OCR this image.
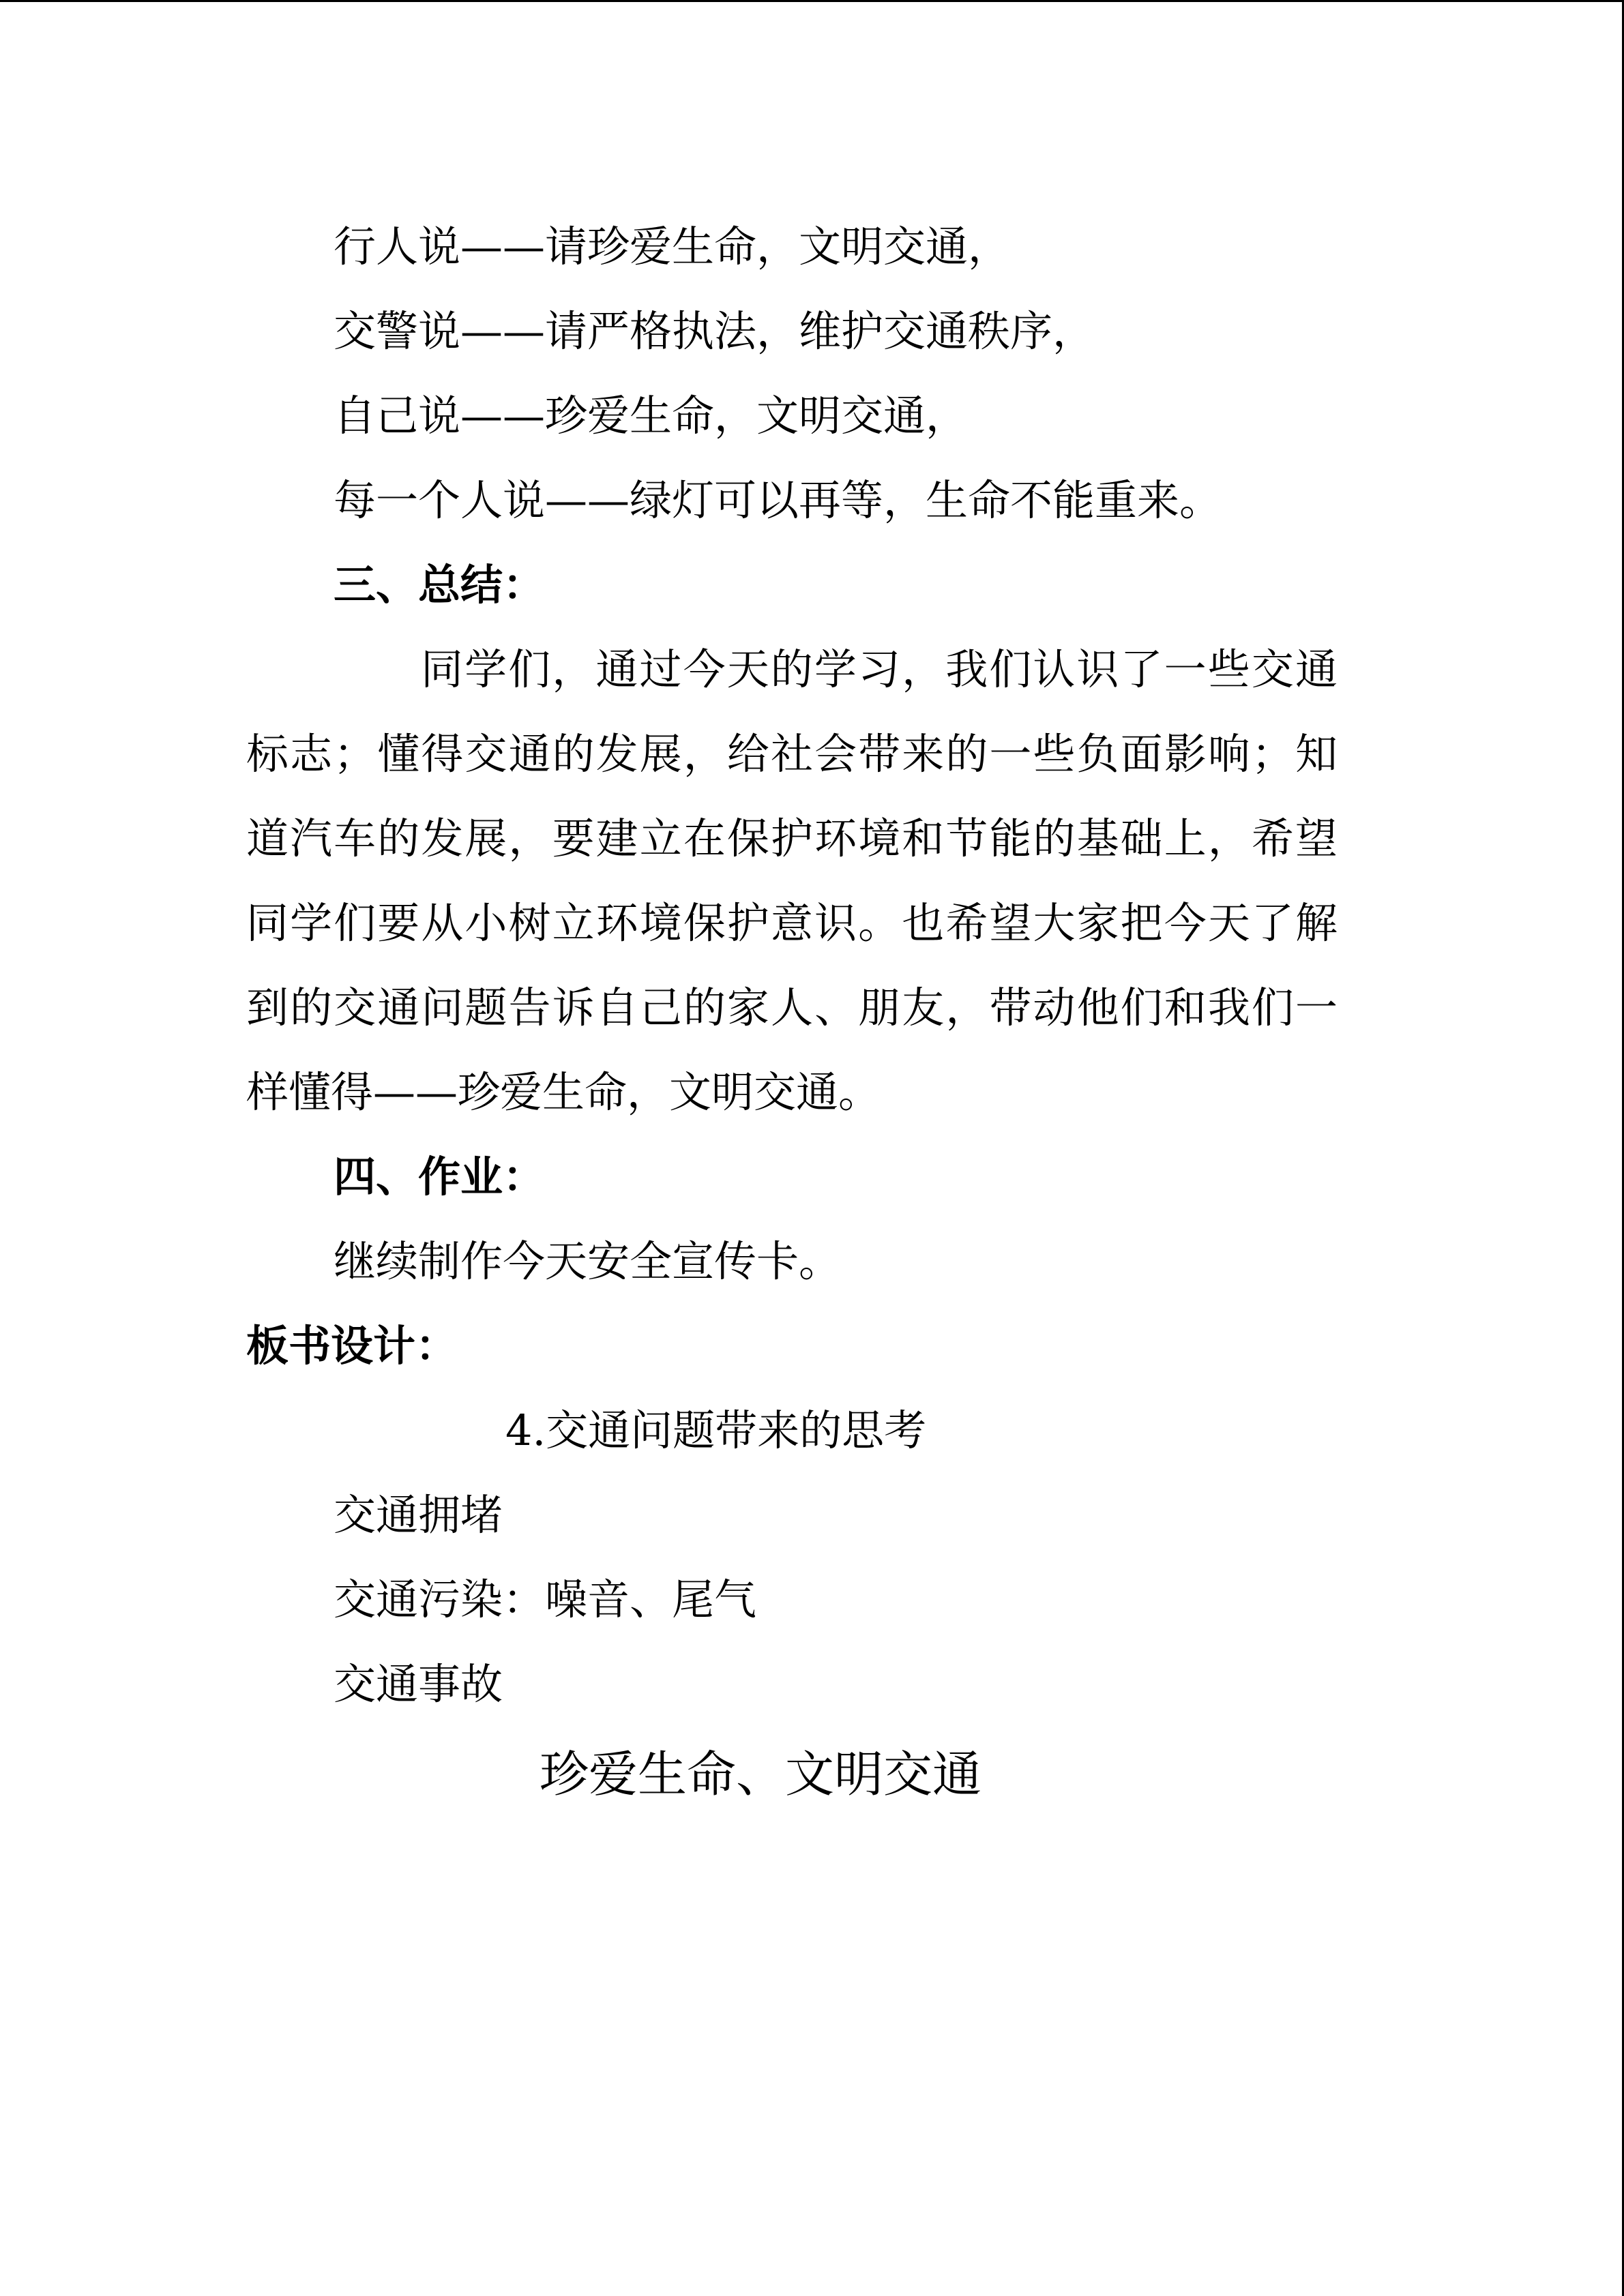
行人说——请珍爱生命，文明交通，
交警说——请严格执法，维护交通秩序，
自己说——珍爱生命，文明交通，
每一个人说——绿灯可以再等，生命不能重来。
三、总结：
同学们，通过今天的学习，我们认识了一些交通标志；懂得交通的发展，给社会带来的一些负面影响；知道汽车的发展，要建立在保护环境和节能的基础上，希望同学们要从小树立环境保护意识。也希望大家把今天了解到的交通问题告诉自己的家人、朋友，带动他们和我们一样懂得——珍爱生命，文明交通。
四、作业：
继续制作今天安全宣传卡。
板书设计：
4.交通问题带来的思考
交通拥堵
交通污染：噪音、尾气
交通事故
珍爱生命、文明交通
